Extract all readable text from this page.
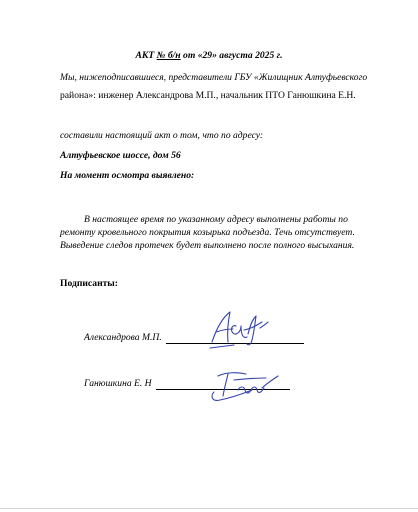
АКТ № б/н от «29» августа 2025 г.
Мы, нижеподписавшиеся, представители ГБУ «Жилищник Алтуфьевского
района»: инженер Александрова М.П., начальник ПТО Ганюшкина Е.Н.
составили настоящий акт о том, что по адресу:
Алтуфьевское шоссе, дом 56
На момент осмотра выявлено:
В настоящее время по указанному адресу выполнены работы по
ремонту кровельного покрытия козырька подъезда. Течь отсутствует.
Выведение следов протечек будет выполнено после полного высыхания.
Подписанты:
Александрова М.П.
Ганюшкина Е. Н
